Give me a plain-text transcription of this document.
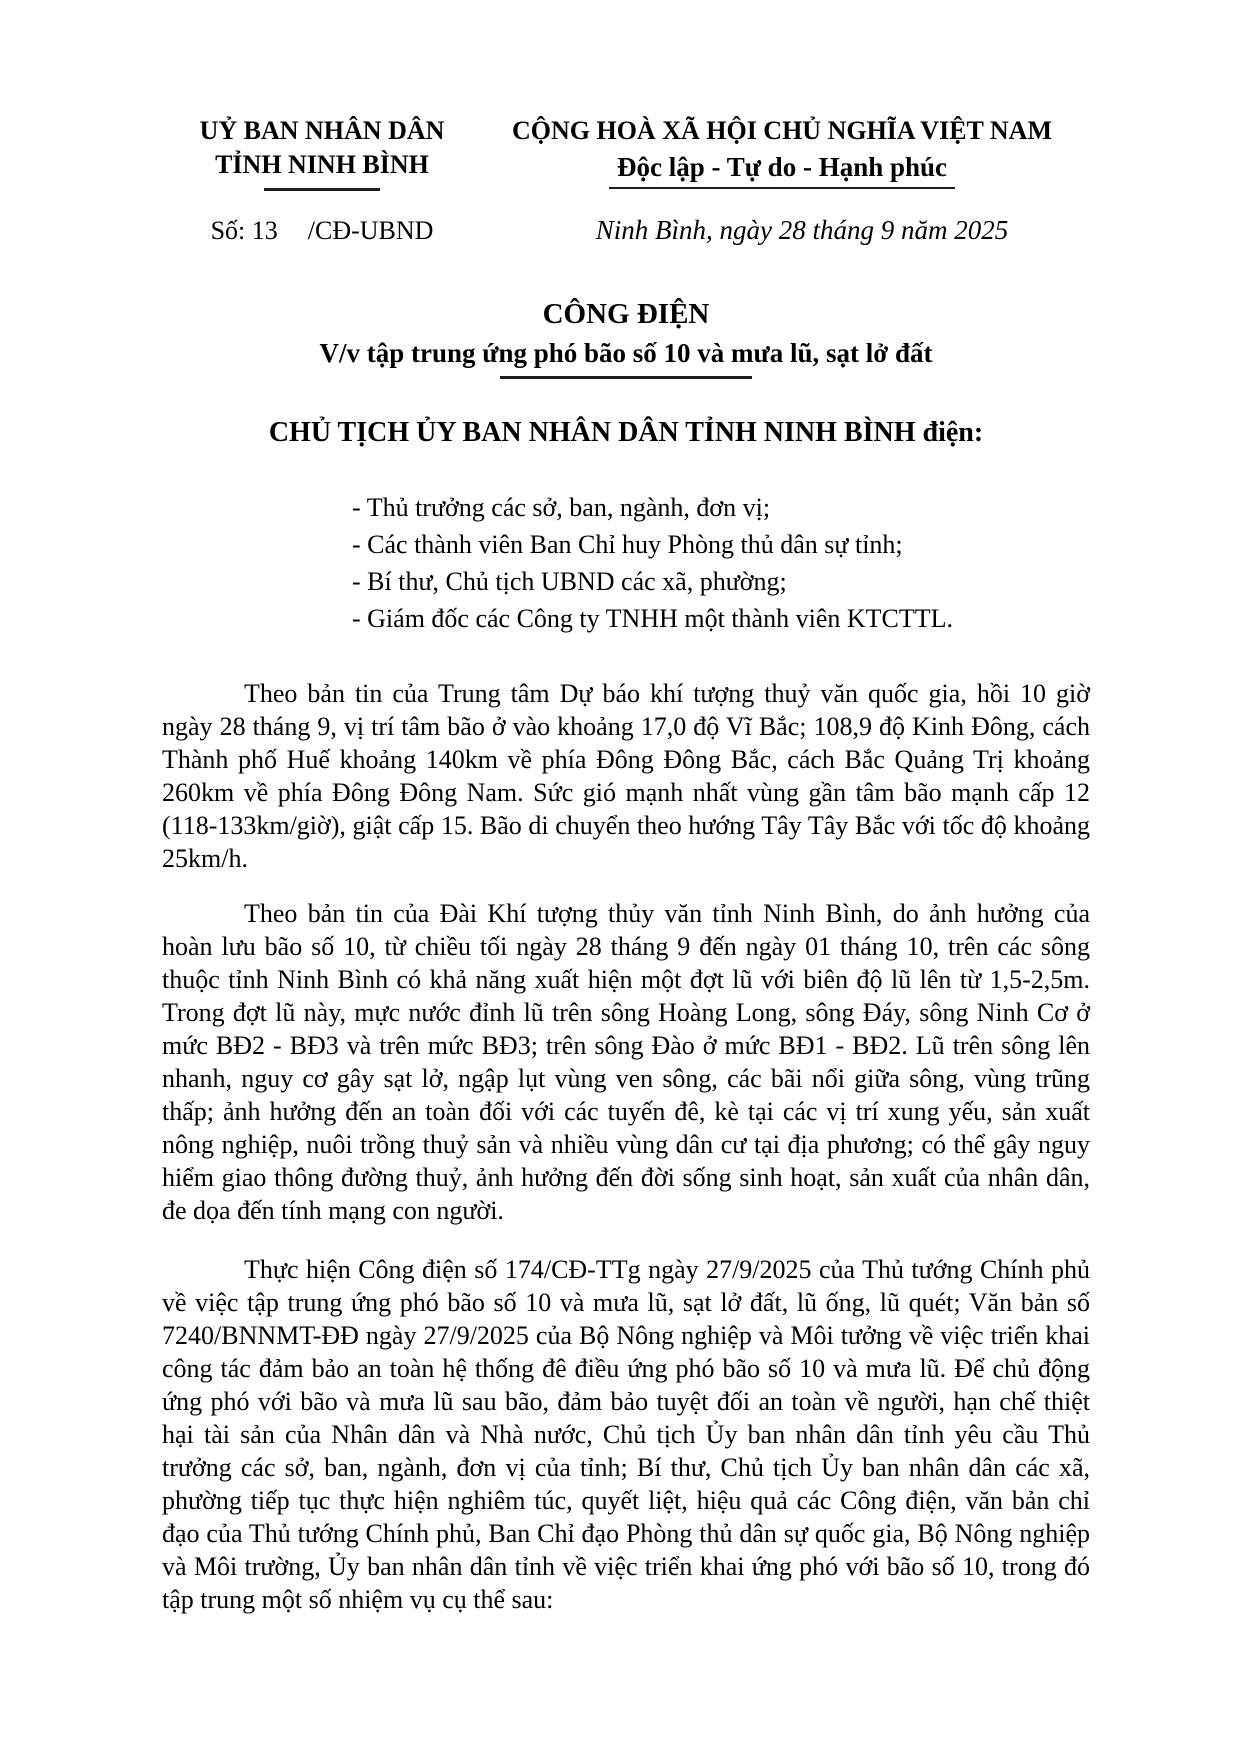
UỶ BAN NHÂN DÂN
TỈNH NINH BÌNH
Số: 13 /CĐ-UBND
CỘNG HOÀ XÃ HỘI CHỦ NGHĨA VIỆT NAM
Độc lập - Tự do - Hạnh phúc
Ninh Bình, ngày 28 tháng 9 năm 2025
CÔNG ĐIỆN
V/v tập trung ứng phó bão số 10 và mưa lũ, sạt lở đất
CHỦ TỊCH ỦY BAN NHÂN DÂN TỈNH NINH BÌNH điện:
- Thủ trưởng các sở, ban, ngành, đơn vị;
- Các thành viên Ban Chỉ huy Phòng thủ dân sự tỉnh;
- Bí thư, Chủ tịch UBND các xã, phường;
- Giám đốc các Công ty TNHH một thành viên KTCTTL.

Theo bản tin của Trung tâm Dự báo khí tượng thuỷ văn quốc gia, hồi 10 giờ ngày 28 tháng 9, vị trí tâm bão ở vào khoảng 17,0 độ Vĩ Bắc; 108,9 độ Kinh Đông, cách Thành phố Huế khoảng 140km về phía Đông Đông Bắc, cách Bắc Quảng Trị khoảng 260km về phía Đông Đông Nam. Sức gió mạnh nhất vùng gần tâm bão mạnh cấp 12 (118-133km/giờ), giật cấp 15. Bão di chuyển theo hướng Tây Tây Bắc với tốc độ khoảng 25km/h.

Theo bản tin của Đài Khí tượng thủy văn tỉnh Ninh Bình, do ảnh hưởng của hoàn lưu bão số 10, từ chiều tối ngày 28 tháng 9 đến ngày 01 tháng 10, trên các sông thuộc tỉnh Ninh Bình có khả năng xuất hiện một đợt lũ với biên độ lũ lên từ 1,5-2,5m. Trong đợt lũ này, mực nước đỉnh lũ trên sông Hoàng Long, sông Đáy, sông Ninh Cơ ở mức BĐ2 - BĐ3 và trên mức BĐ3; trên sông Đào ở mức BĐ1 - BĐ2. Lũ trên sông lên nhanh, nguy cơ gây sạt lở, ngập lụt vùng ven sông, các bãi nổi giữa sông, vùng trũng thấp; ảnh hưởng đến an toàn đối với các tuyến đê, kè tại các vị trí xung yếu, sản xuất nông nghiệp, nuôi trồng thuỷ sản và nhiều vùng dân cư tại địa phương; có thể gây nguy hiểm giao thông đường thuỷ, ảnh hưởng đến đời sống sinh hoạt, sản xuất của nhân dân, đe dọa đến tính mạng con người.

Thực hiện Công điện số 174/CĐ-TTg ngày 27/9/2025 của Thủ tướng Chính phủ về việc tập trung ứng phó bão số 10 và mưa lũ, sạt lở đất, lũ ống, lũ quét; Văn bản số 7240/BNNMT-ĐĐ ngày 27/9/2025 của Bộ Nông nghiệp và Môi tưởng về việc triển khai công tác đảm bảo an toàn hệ thống đê điều ứng phó bão số 10 và mưa lũ. Để chủ động ứng phó với bão và mưa lũ sau bão, đảm bảo tuyệt đối an toàn về người, hạn chế thiệt hại tài sản của Nhân dân và Nhà nước, Chủ tịch Ủy ban nhân dân tỉnh yêu cầu Thủ trưởng các sở, ban, ngành, đơn vị của tỉnh; Bí thư, Chủ tịch Ủy ban nhân dân các xã, phường tiếp tục thực hiện nghiêm túc, quyết liệt, hiệu quả các Công điện, văn bản chỉ đạo của Thủ tướng Chính phủ, Ban Chỉ đạo Phòng thủ dân sự quốc gia, Bộ Nông nghiệp và Môi trường, Ủy ban nhân dân tỉnh về việc triển khai ứng phó với bão số 10, trong đó tập trung một số nhiệm vụ cụ thể sau:
